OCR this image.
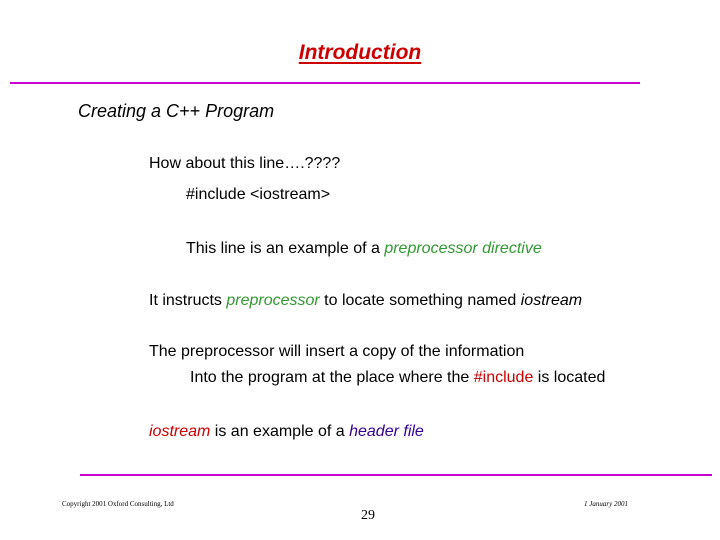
Introduction
Creating a C++ Program
How about this line….????
#include <iostream>
This line is an example of a preprocessor directive
It instructs preprocessor to locate something named iostream
The preprocessor will insert a copy of the information
Into the program at the place where the #include is located
iostream is an example of a header file
Copyright 2001 Oxford Consulting, Ltd	1 January 2001
29
